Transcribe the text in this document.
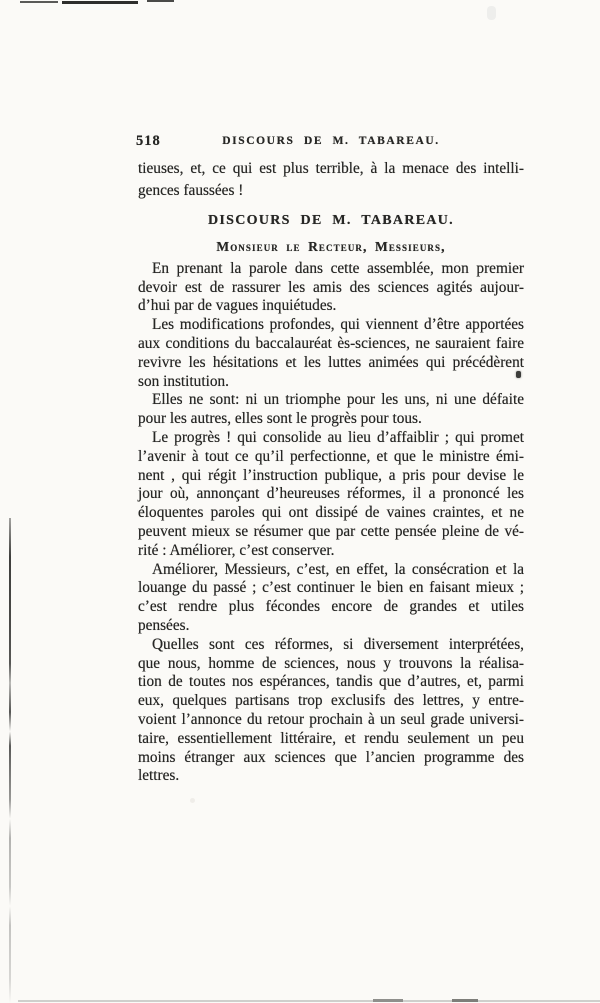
518	DISCOURS DE M. TABAREAU.
tieuses, et, ce qui est plus terrible, à la menace des intelli-
gences faussées !
DISCOURS DE M. TABAREAU.
Monsieur le Recteur, Messieurs,
En prenant la parole dans cette assemblée, mon premier
devoir est de rassurer les amis des sciences agités aujour-
d’hui par de vagues inquiétudes.
Les modifications profondes, qui viennent d’être apportées
aux conditions du baccalauréat ès-sciences, ne sauraient faire
revivre les hésitations et les luttes animées qui précédèrent
son institution.
Elles ne sont: ni un triomphe pour les uns, ni une défaite
pour les autres, elles sont le progrès pour tous.
Le progrès ! qui consolide au lieu d’affaiblir ; qui promet
l’avenir à tout ce qu’il perfectionne, et que le ministre émi-
nent , qui régit l’instruction publique, a pris pour devise le
jour où, annonçant d’heureuses réformes, il a prononcé les
éloquentes paroles qui ont dissipé de vaines craintes, et ne
peuvent mieux se résumer que par cette pensée pleine de vé-
rité : Améliorer, c’est conserver.
Améliorer, Messieurs, c’est, en effet, la consécration et la
louange du passé ; c’est continuer le bien en faisant mieux ;
c’est rendre plus fécondes encore de grandes et utiles
pensées.
Quelles sont ces réformes, si diversement interprétées,
que nous, homme de sciences, nous y trouvons la réalisa-
tion de toutes nos espérances, tandis que d’autres, et, parmi
eux, quelques partisans trop exclusifs des lettres, y entre-
voient l’annonce du retour prochain à un seul grade universi-
taire, essentiellement littéraire, et rendu seulement un peu
moins étranger aux sciences que l’ancien programme des
lettres.
